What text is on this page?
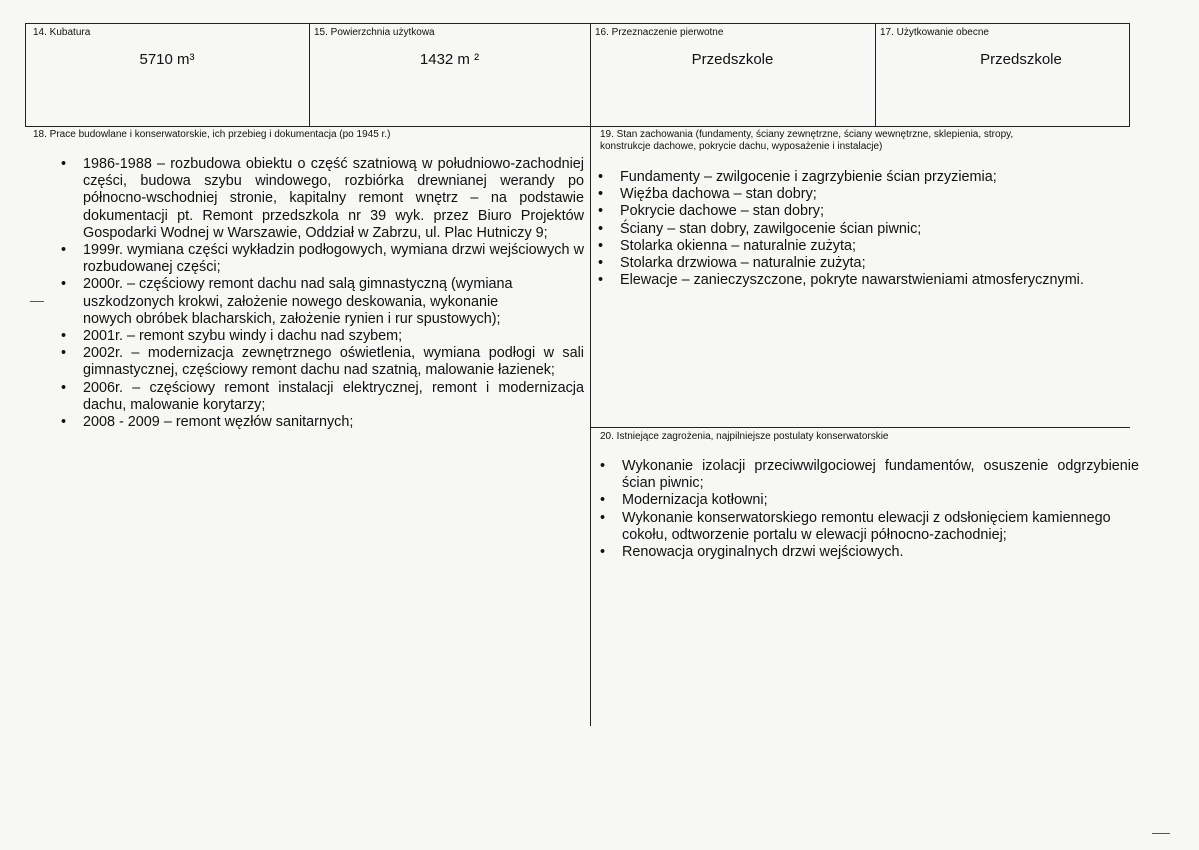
14. Kubatura
5710 m³
15. Powierzchnia użytkowa
1432 m ²
16. Przeznaczenie pierwotne
Przedszkole
17. Użytkowanie obecne
Przedszkole
18. Prace budowlane i konserwatorskie, ich przebieg i dokumentacja (po 1945 r.)
• 1986-1988 – rozbudowa obiektu o część szatniową w południowo-zachodniej części, budowa szybu windowego, rozbiórka drewnianej werandy po północno-wschodniej stronie, kapitalny remont wnętrz – na podstawie dokumentacji pt. Remont przedszkola nr 39 wyk. przez Biuro Projektów Gospodarki Wodnej w Warszawie, Oddział w Zabrzu, ul. Plac Hutniczy 9;
• 1999r. wymiana części wykładzin podłogowych, wymiana drzwi wejściowych w rozbudowanej części;
• 2000r. – częściowy remont dachu nad salą gimnastyczną (wymiana uszkodzonych krokwi, założenie nowego deskowania, wykonanie nowych obróbek blacharskich, założenie rynien i rur spustowych);
• 2001r. – remont szybu windy i dachu nad szybem;
• 2002r. – modernizacja zewnętrznego oświetlenia, wymiana podłogi w sali gimnastycznej, częściowy remont dachu nad szatnią, malowanie łazienek;
• 2006r. – częściowy remont instalacji elektrycznej, remont i modernizacja dachu, malowanie korytarzy;
• 2008 - 2009 – remont węzłów sanitarnych;
19. Stan zachowania (fundamenty, ściany zewnętrzne, ściany wewnętrzne, sklepienia, stropy,
konstrukcje dachowe, pokrycie dachu, wyposażenie i instalacje)
• Fundamenty – zwilgocenie i zagrzybienie ścian przyziemia;
• Więźba dachowa – stan dobry;
• Pokrycie dachowe – stan dobry;
• Ściany – stan dobry, zawilgocenie ścian piwnic;
• Stolarka okienna – naturalnie zużyta;
• Stolarka drzwiowa – naturalnie zużyta;
• Elewacje – zanieczyszczone, pokryte nawarstwieniami atmosferycznymi.
20. Istniejące zagrożenia, najpilniejsze postulaty konserwatorskie
• Wykonanie izolacji przeciwwilgociowej fundamentów, osuszenie odgrzybienie ścian piwnic;
• Modernizacja kotłowni;
• Wykonanie konserwatorskiego remontu elewacji z odsłonięciem kamiennego cokołu, odtworzenie portalu w elewacji północno-zachodniej;
• Renowacja oryginalnych drzwi wejściowych.
